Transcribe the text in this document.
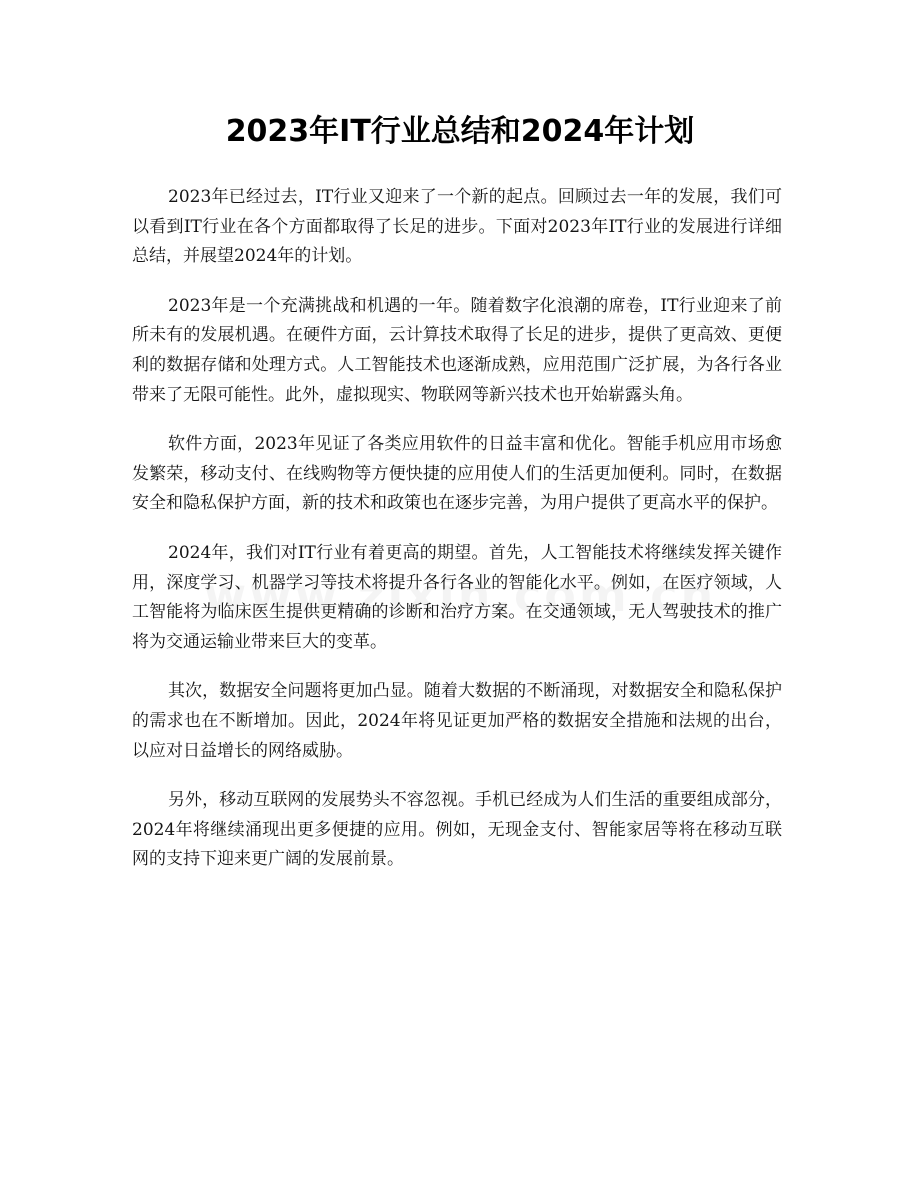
2023年IT行业总结和2024年计划

2023年已经过去，IT行业又迎来了一个新的起点。回顾过去一年的发展，我们可以看到IT行业在各个方面都取得了长足的进步。下面对2023年IT行业的发展进行详细总结，并展望2024年的计划。

2023年是一个充满挑战和机遇的一年。随着数字化浪潮的席卷，IT行业迎来了前所未有的发展机遇。在硬件方面，云计算技术取得了长足的进步，提供了更高效、更便利的数据存储和处理方式。人工智能技术也逐渐成熟，应用范围广泛扩展，为各行各业带来了无限可能性。此外，虚拟现实、物联网等新兴技术也开始崭露头角。

软件方面，2023年见证了各类应用软件的日益丰富和优化。智能手机应用市场愈发繁荣，移动支付、在线购物等方便快捷的应用使人们的生活更加便利。同时，在数据安全和隐私保护方面，新的技术和政策也在逐步完善，为用户提供了更高水平的保护。

2024年，我们对IT行业有着更高的期望。首先，人工智能技术将继续发挥关键作用，深度学习、机器学习等技术将提升各行各业的智能化水平。例如，在医疗领域，人工智能将为临床医生提供更精确的诊断和治疗方案。在交通领域，无人驾驶技术的推广将为交通运输业带来巨大的变革。

其次，数据安全问题将更加凸显。随着大数据的不断涌现，对数据安全和隐私保护的需求也在不断增加。因此，2024年将见证更加严格的数据安全措施和法规的出台，以应对日益增长的网络威胁。

另外，移动互联网的发展势头不容忽视。手机已经成为人们生活的重要组成部分，2024年将继续涌现出更多便捷的应用。例如，无现金支付、智能家居等将在移动互联网的支持下迎来更广阔的发展前景。
